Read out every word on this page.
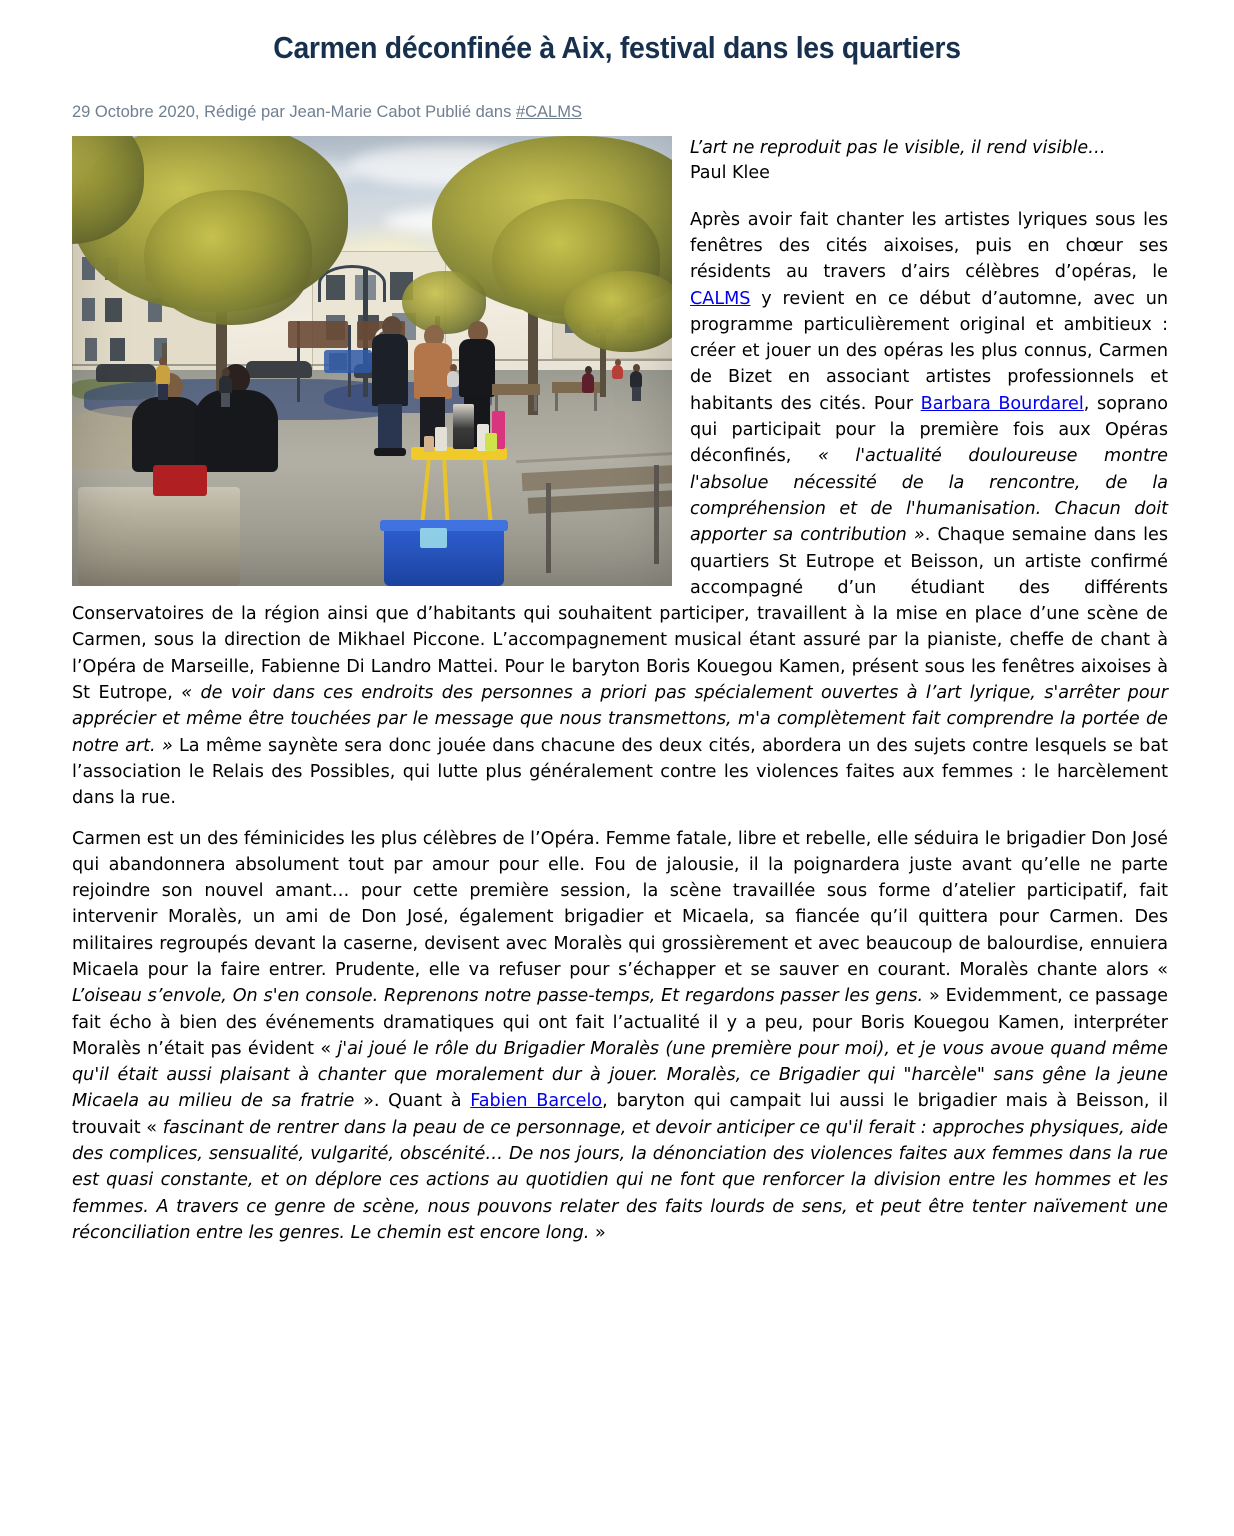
Carmen déconfinée à Aix, festival dans les quartiers

29 Octobre 2020, Rédigé par Jean-Marie Cabot Publié dans #CALMS

L’art ne reproduit pas le visible, il rend visible…
Paul Klee

Après avoir fait chanter les artistes lyriques sous les fenêtres des cités aixoises, puis en chœur ses résidents au travers d’airs célèbres d’opéras, le CALMS y revient en ce début d’automne, avec un programme particulièrement original et ambitieux : créer et jouer un des opéras les plus connus, Carmen de Bizet en associant artistes professionnels et habitants des cités. Pour Barbara Bourdarel, soprano qui participait pour la première fois aux Opéras déconfinés, « l'actualité douloureuse montre l'absolue nécessité de la rencontre, de la compréhension et de l'humanisation. Chacun doit apporter sa contribution ». Chaque semaine dans les quartiers St Eutrope et Beisson, un artiste confirmé accompagné d’un étudiant des différents Conservatoires de la région ainsi que d’habitants qui souhaitent participer, travaillent à la mise en place d’une scène de Carmen, sous la direction de Mikhael Piccone. L’accompagnement musical étant assuré par la pianiste, cheffe de chant à l’Opéra de Marseille, Fabienne Di Landro Mattei. Pour le baryton Boris Kouegou Kamen, présent sous les fenêtres aixoises à St Eutrope, « de voir dans ces endroits des personnes a priori pas spécialement ouvertes à l’art lyrique, s'arrêter pour apprécier et même être touchées par le message que nous transmettons, m'a complètement fait comprendre la portée de notre art. » La même saynète sera donc jouée dans chacune des deux cités, abordera un des sujets contre lesquels se bat l’association le Relais des Possibles, qui lutte plus généralement contre les violences faites aux femmes : le harcèlement dans la rue.

Carmen est un des féminicides les plus célèbres de l’Opéra. Femme fatale, libre et rebelle, elle séduira le brigadier Don José qui abandonnera absolument tout par amour pour elle. Fou de jalousie, il la poignardera juste avant qu’elle ne parte rejoindre son nouvel amant… pour cette première session, la scène travaillée sous forme d’atelier participatif, fait intervenir Moralès, un ami de Don José, également brigadier et Micaela, sa fiancée qu’il quittera pour Carmen. Des militaires regroupés devant la caserne, devisent avec Moralès qui grossièrement et avec beaucoup de balourdise, ennuiera Micaela pour la faire entrer. Prudente, elle va refuser pour s’échapper et se sauver en courant. Moralès chante alors « L’oiseau s’envole, On s'en console. Reprenons notre passe-temps, Et regardons passer les gens. » Evidemment, ce passage fait écho à bien des événements dramatiques qui ont fait l’actualité il y a peu, pour Boris Kouegou Kamen, interpréter Moralès n’était pas évident « j'ai joué le rôle du Brigadier Moralès (une première pour moi), et je vous avoue quand même qu'il était aussi plaisant à chanter que moralement dur à jouer. Moralès, ce Brigadier qui "harcèle" sans gêne la jeune Micaela au milieu de sa fratrie ». Quant à Fabien Barcelo, baryton qui campait lui aussi le brigadier mais à Beisson, il trouvait « fascinant de rentrer dans la peau de ce personnage, et devoir anticiper ce qu'il ferait : approches physiques, aide des complices, sensualité, vulgarité, obscénité… De nos jours, la dénonciation des violences faites aux femmes dans la rue est quasi constante, et on déplore ces actions au quotidien qui ne font que renforcer la division entre les hommes et les femmes. A travers ce genre de scène, nous pouvons relater des faits lourds de sens, et peut être tenter naïvement une réconciliation entre les genres. Le chemin est encore long. »
